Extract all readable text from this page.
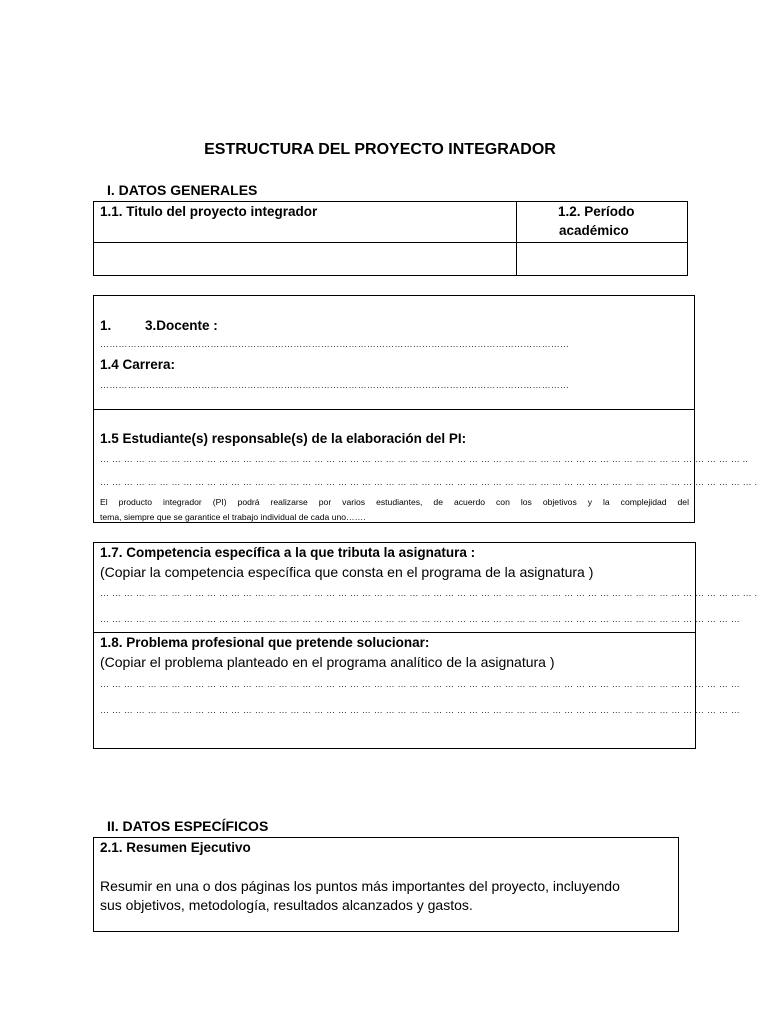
ESTRUCTURA DEL PROYECTO INTEGRADOR
I. DATOS GENERALES
1.1. Titulo del proyecto integrador	1.2. Período
académico
1. 3.Docente :
………………………………………………………………………………………………………………………………………
1.4 Carrera:
………………………………………………………………………………………………………………………………………
1.5 Estudiante(s) responsable(s) de la elaboración del PI:
… … … … … … … … … … … … … … … … … … … … … … … … … … … … … … … … … … … … … … … … … … … … … … … … … … … … … … ..
… … … … … … … … … … … … … … … … … … … … … … … … … … … … … … … … … … … … … … … … … … … … … … … … … … … … … … … .
El producto integrador (PI) podrá realizarse por varios estudiantes, de acuerdo con los objetivos y la complejidad del
tema, siempre que se garantice el trabajo individual de cada uno…….
1.7. Competencia específica a la que tributa la asignatura :
(Copiar la competencia específica que consta en el programa de la asignatura )
… … … … … … … … … … … … … … … … … … … … … … … … … … … … … … … … … … … … … … … … … … … … … … … … … … … … … … … .
… … … … … … … … … … … … … … … … … … … … … … … … … … … … … … … … … … … … … … … … … … … … … … … … … … … … … …
1.8. Problema profesional que pretende solucionar:
(Copiar el problema planteado en el programa analítico de la asignatura )
… … … … … … … … … … … … … … … … … … … … … … … … … … … … … … … … … … … … … … … … … … … … … … … … … … … … … …
… … … … … … … … … … … … … … … … … … … … … … … … … … … … … … … … … … … … … … … … … … … … … … … … … … … … … …
II. DATOS ESPECÍFICOS
2.1. Resumen Ejecutivo
Resumir en una o dos páginas los puntos más importantes del proyecto, incluyendo
sus objetivos, metodología, resultados alcanzados y gastos.
